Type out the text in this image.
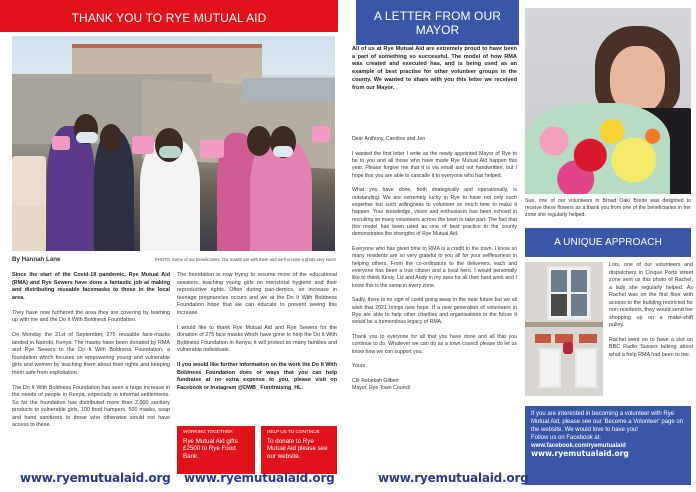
THANK YOU TO RYE MUTUAL AID
By Hannah Lane	PHOTO: Some of our beneficiaries. Our masks are with them and we'll receive a photo very soon!

Since the start of the Covid-19 pandemic, Rye Mutual Aid (RMA) and Rye Sewers have done a fantastic job at making and distributing reusable facemasks to those in the local area.

They have now furthered the area they are covering by teaming up with me and the Do It With Boldness Foundation.

On Monday the 21st of September, 275 reusable face-masks landed in Nairobi, Kenya. The masks have been donated by RMA and Rye Sewers to the Do It With Boldness Foundation, a foundation which focuses on empowering young and vulnerable girls and women by teaching them about their rights and keeping them safe from exploitation.

The Do It With Boldness Foundation has seen a huge increase in the needs of people in Kenya, especially in informal settlements. So far the foundation has distributed more than 2,000 sanitary products to vulnerable girls, 100 food hampers, 500 masks, soap and hand sanitizers to those who otherwise would not have access to these.

The foundation is now trying to resume more of the educational sessions, teaching young girls on menstrual hygiene and their reproductive rights. Often during pan-demics, an increase in teenage pregnancies occurs and we at the Do It With Boldness Foundation hope that we can educate to prevent seeing this increase.

I would like to thank Rye Mutual Aid and Rye Sewers for the donation of 275 face masks which have gone to help the Do It With Boldness Foundation in Kenya; it will protect so many families and vulnerable individuals.

If you would like further information on the work the Do It With Boldness Foundation does or ways that you can help fundraise at no extra expense to you, please visit on Facebook or Instagram @DWB_ Fundraising_HL.

WORKING TOGETHER
Rye Mutual Aid gifts £2500 to Rye Food Bank.
HELP US TO CONTINUE
To donate to Rye Mutual Aid please see our website.
www.ryemutualaid.org www.ryemutualaid.org
A LETTER FROM OUR MAYOR
All of us at Rye Mutual Aid are extremely proud to have been a part of something so successful. The model of how RMA was created and executed has, and is being used as an example of best practise for other volunteer groups in the county. We wanted to share with you this letter we received from our Mayor.

Dear Anthony, Caroline and Jen

I wanted the first letter I write as the newly appointed Mayor of Rye to be to you and all those who have made Rye Mutual Aid happen this year. Please forgive me that it is via email and not handwritten, but I hope that you are able to cascade it to everyone who has helped.

What you have done, both strategically and operationally, is outstanding. We are extremely lucky in Rye to have not only such expertise but such willingness to volunteer so much time to make it happen. Your knowledge, vision and enthusiasm has been echoed in recruiting so many volunteers across the town to take part. The fact that this model has been used as one of best practice in the county demonstrates the strengths of Rye Mutual Aid.

Everyone who has given time to RMA is a credit to the town. I know so many residents are so very grateful to you all for your selflessness in helping others. From the co-ordinators to the deliverers, each and everyone has been a true citizen and a local hero. I would personally like to thank Kirsty, Liz and Andy in my area for all their hard work and I know this is the same in every zone.

Sadly, there is no sign of covid going away in the near future but we all wish that 2021 brings new hope. If a new generation of volunteers in Rye are able to help other charities and organisations in the future it would be a tremendous legacy of RMA.

Thank you to everyone for all that you have done and all that you continue to do. Whatever we can do as a town council please do let us know how we can support you.

Yours

Cllr Rebekah Gilbert
Mayor, Rye Town Council
Sue, one of our volunteers in Broad Oak/ Brede was delighted to receive these flowers as a thank you from one of the beneficiaries in her zone she regularly helped.
A UNIQUE APPROACH

Lois, one of our volunteers and dispatchers in Cinque Ports street zone sent us this photo of Rachel, a lady she regularly helped. As Rachel was on the first floor with access to the building restricted for non-residents, they would send her shopping up on a make-shift pulley.

Rachel went on to have a slot on BBC Radio Sussex talking about what a help RMA had been to her.

If you are interested in becoming a volunteer with Rye Mutual Aid, please see our 'Become a Volunteer' page on the website. We would love to have you!
Follow us on Facebook at:
www.facebook.com/ryemutualaid
www.ryemutualaid.org
www.ryemutualaid.org
